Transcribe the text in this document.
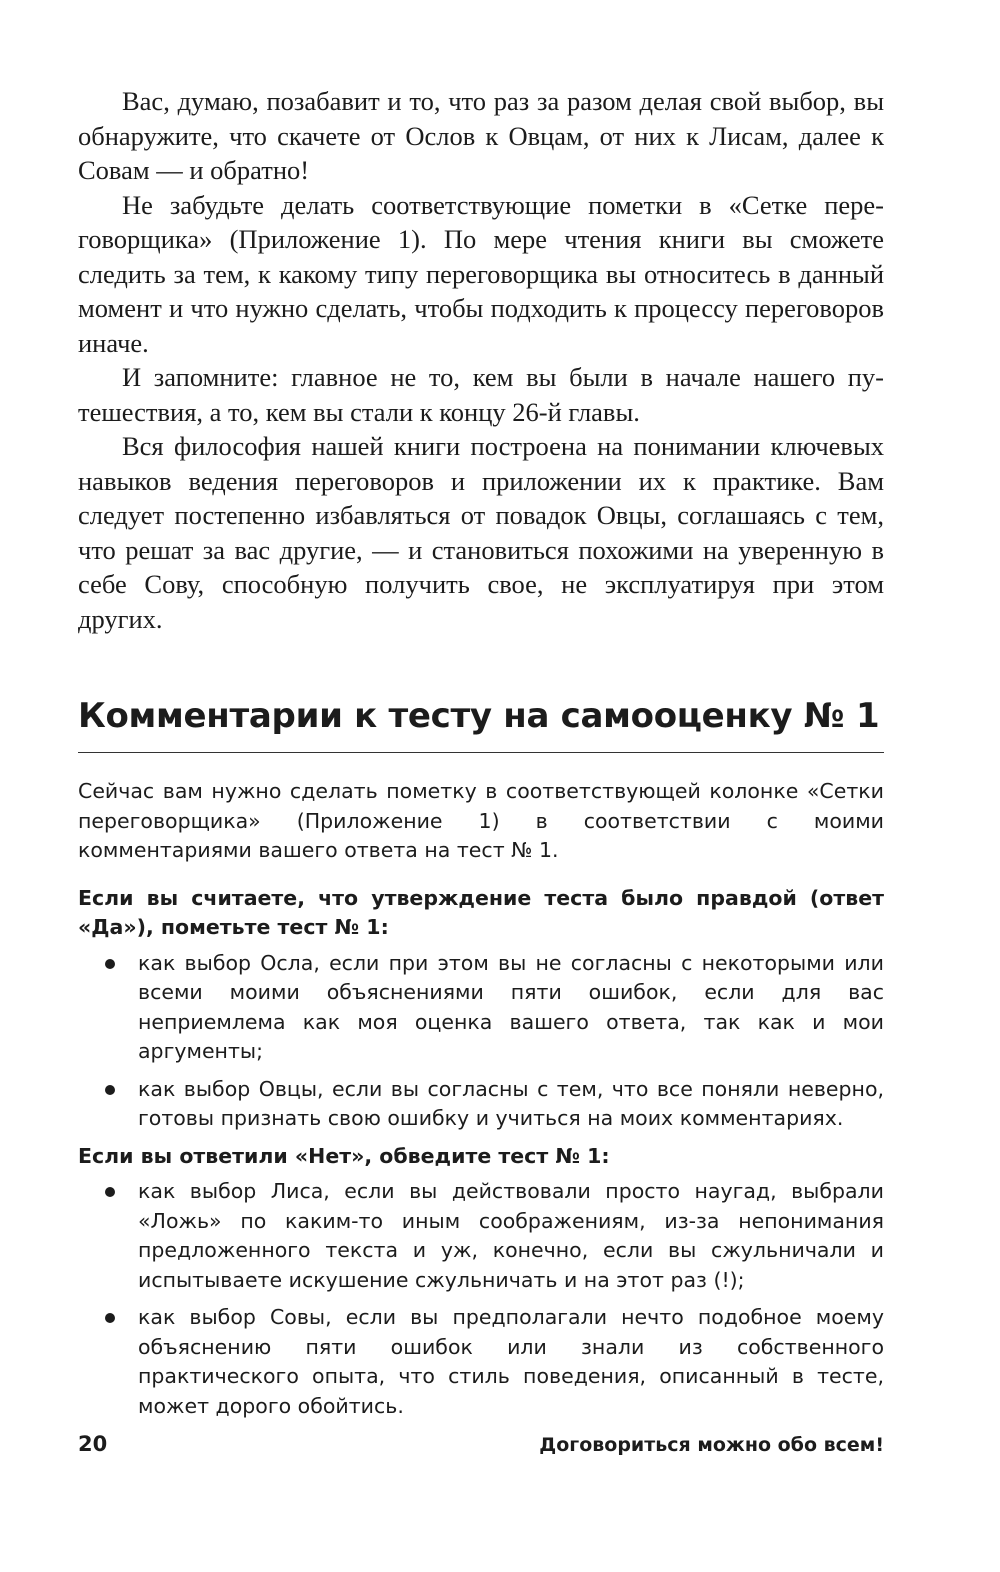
Вас, думаю, позабавит и то, что раз за разом делая свой выбор, вы обнаружите, что скачете от Ослов к Овцам, от них к Лисам, далее к Совам — и обратно!

Не забудьте делать соответствующие пометки в «Сетке переговорщика» (Приложение 1). По мере чтения книги вы сможете следить за тем, к какому типу переговорщика вы относитесь в данный момент и что нужно сделать, чтобы подходить к процессу переговоров иначе.

И запомните: главное не то, кем вы были в начале нашего путешествия, а то, кем вы стали к концу 26-й главы.

Вся философия нашей книги построена на понимании ключевых навыков ведения переговоров и приложении их к практике. Вам следует постепенно избавляться от повадок Овцы, соглашаясь с тем, что решат за вас другие, — и становиться похожими на уверенную в себе Сову, способную получить свое, не эксплуатируя при этом других.

Комментарии к тесту на самооценку № 1

Сейчас вам нужно сделать пометку в соответствующей колонке «Сетки переговорщика» (Приложение 1) в соответствии с моими комментариями вашего ответа на тест № 1.

Если вы считаете, что утверждение теста было правдой (ответ «Да»), пометьте тест № 1:

как выбор Осла, если при этом вы не согласны с некоторыми или всеми моими объяснениями пяти ошибок, если для вас неприемлема как моя оценка вашего ответа, так как и мои аргументы;
как выбор Овцы, если вы согласны с тем, что все поняли неверно, готовы признать свою ошибку и учиться на моих комментариях.

Если вы ответили «Нет», обведите тест № 1:

как выбор Лиса, если вы действовали просто наугад, выбрали «Ложь» по каким-то иным соображениям, из-за непонимания предложенного текста и уж, конечно, если вы сжульничали и испытываете искушение сжульничать и на этот раз (!);
как выбор Совы, если вы предполагали нечто подобное моему объяснению пяти ошибок или знали из собственного практического опыта, что стиль поведения, описанный в тесте, может дорого обойтись.
20	Договориться можно обо всем!
